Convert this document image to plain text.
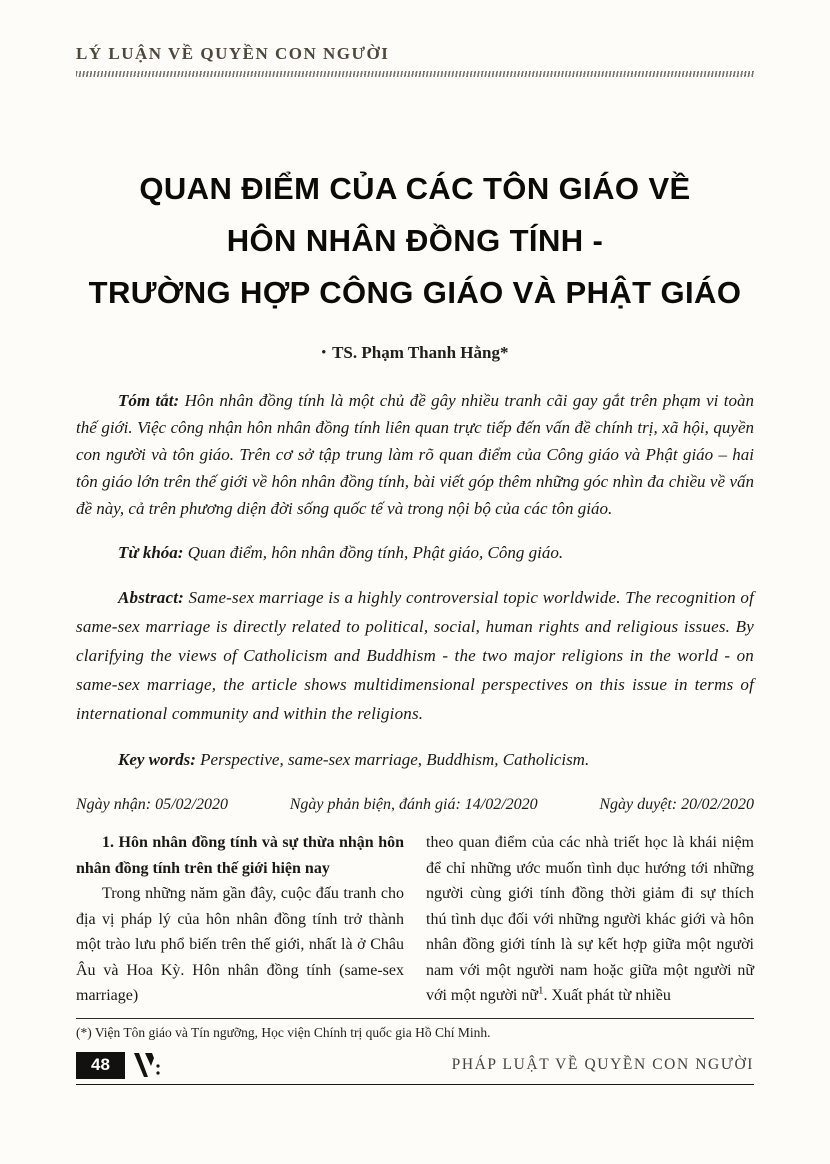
LÝ LUẬN VỀ QUYỀN CON NGƯỜI
QUAN ĐIỂM CỦA CÁC TÔN GIÁO VỀ
HÔN NHÂN ĐỒNG TÍNH -
TRƯỜNG HỢP CÔNG GIÁO VÀ PHẬT GIÁO
• TS. Phạm Thanh Hằng*

Tóm tắt: Hôn nhân đồng tính là một chủ đề gây nhiều tranh cãi gay gắt trên phạm vi toàn thế giới. Việc công nhận hôn nhân đồng tính liên quan trực tiếp đến vấn đề chính trị, xã hội, quyền con người và tôn giáo. Trên cơ sở tập trung làm rõ quan điểm của Công giáo và Phật giáo – hai tôn giáo lớn trên thế giới về hôn nhân đồng tính, bài viết góp thêm những góc nhìn đa chiều về vấn đề này, cả trên phương diện đời sống quốc tế và trong nội bộ của các tôn giáo.

Từ khóa: Quan điểm, hôn nhân đồng tính, Phật giáo, Công giáo.

Abstract: Same-sex marriage is a highly controversial topic worldwide. The recognition of same-sex marriage is directly related to political, social, human rights and religious issues. By clarifying the views of Catholicism and Buddhism - the two major religions in the world - on same-sex marriage, the article shows multidimensional perspectives on this issue in terms of international community and within the religions.

Key words: Perspective, same-sex marriage, Buddhism, Catholicism.

Ngày nhận: 05/02/2020	Ngày phản biện, đánh giá: 14/02/2020	Ngày duyệt: 20/02/2020
1. Hôn nhân đồng tính và sự thừa nhận hôn nhân đồng tính trên thế giới hiện nay
Trong những năm gần đây, cuộc đấu tranh cho địa vị pháp lý của hôn nhân đồng tính trở thành một trào lưu phổ biến trên thế giới, nhất là ở Châu Âu và Hoa Kỳ. Hôn nhân đồng tính (same-sex marriage)
theo quan điểm của các nhà triết học là khái niệm để chỉ những ước muốn tình dục hướng tới những người cùng giới tính đồng thời giảm đi sự thích thú tình dục đối với những người khác giới và hôn nhân đồng giới tính là sự kết hợp giữa một người nam với một người nam hoặc giữa một người nữ với một người nữ$^1$. Xuất phát từ nhiều
(*) Viện Tôn giáo và Tín ngưỡng, Học viện Chính trị quốc gia Hồ Chí Minh.
48	PHÁP LUẬT VỀ QUYỀN CON NGƯỜI
